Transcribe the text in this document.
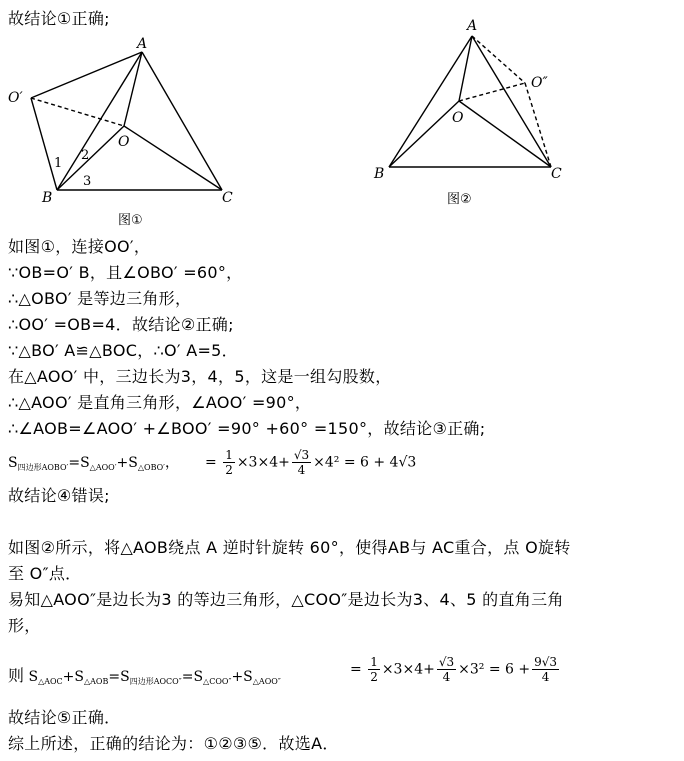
故结论①正确;
A
O
O′
B	C
1
2
3
图①
A
O
O″
B	C
图②
如图①，连接OO′，
∵OB=O′ B，且∠OBO′ =60°，
∴△OBO′ 是等边三角形，
∴OO′ =OB=4．故结论②正确;
∵△BO′ A≌△BOC，∴O′ A=5．
在△AOO′ 中，三边长为3，4，5，这是一组勾股数，
∴△AOO′ 是直角三角形，∠AOO′ =90°，
∴∠AOB=∠AOO′ +∠BOO′ =90° +60° =150°，故结论③正确;
$S_{四边形AOBO'}=S_{\triangle AOO'}+S_{\triangle OBO'}$， = $\frac{1}{2} \times 3\times 4+ \frac{√3}{4} \times 4^2 = 6 + 4√3$
故结论④错误;
如图②所示，将△AOB绕点 A 逆时针旋转 60°，使得AB与 AC重合，点 O旋转
至 O″点．
易知△AOO″是边长为3 的等边三角形，△COO″是边长为3、4、5 的直角三角
形，
则 $S_{\triangle AOC}+S_{\triangle AOB}=S_{四边形AOCO''}=S_{\triangle COO''}+S_{\triangle AOO''}$
= $\frac{1}{2} \times 3\times 4+ \frac{√3}{4} \times 3^2 = 6 + \frac{9√3}{4}$
故结论⑤正确．
综上所述，正确的结论为：①②③⑤．故选A．
